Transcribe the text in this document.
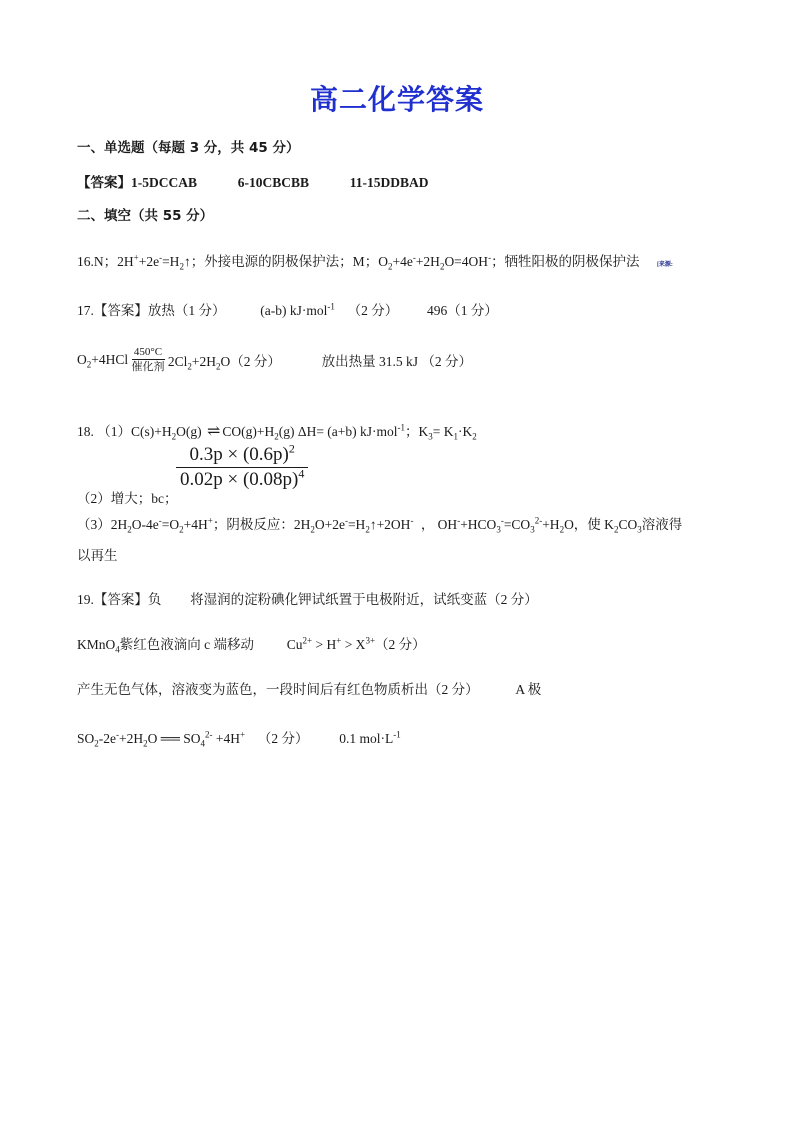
高二化学答案
一、单选题（每题 3 分，共 45 分）
【答案】1-5DCCAB	6-10CBCBB	11-15DDBAD
二、填空（共 55 分）
16.N；$2H^++2e^-=H_2↑$；外接电源的阴极保护法；M；$O_2+4e^-+2H_2O=4OH^-$；牺牲阳极的阴极保护法	[来源:
17.【答案】放热（1 分）	(a-b) kJ·mol$^{-1}$ （2 分） 496（1 分）
$O_2+4HCl \frac{450^\circ C}{\text{催化剂}} 2Cl_2+2H_2O(2$ 分）	放出热量 31.5 kJ （2 分）
18. $(1)C(s)+H_2O(g)$ ⇌ $CO(g)+H_2(g)$ ΔH= (a+b) kJ·mol$^{-1}$；$K_3= K_1\cdot K_2$
$\frac{0.3p \times (0.6p)^2}{0.02p \times (0.08p)^4}$
（2）增大；bc；
$(3)2H_2O-4e^-=O_2+4H^+$；阴极反应：$2H_2O+2e^-=H_2↑+2OH^-$ ， $OH^-+HCO_3^-=CO_3^{2-}+H_2O$，使 $K_2CO_3$溶液得
以再生
19.【答案】负 将湿润的淀粉碘化钾试纸置于电极附近，试纸变蓝（2 分）
KMnO$_4$紫红色液滴向 c 端移动 $Cu^{2+} > H^+ > X^{3+}(2$ 分）
产生无色气体，溶液变为蓝色，一段时间后有红色物质析出（2 分）	A 极
$SO_2-2e^-+2H_2O$ ══ $SO_4^{2-} +4H^+$ （2 分） 0.1 $mol\cdot L^{-1}$
